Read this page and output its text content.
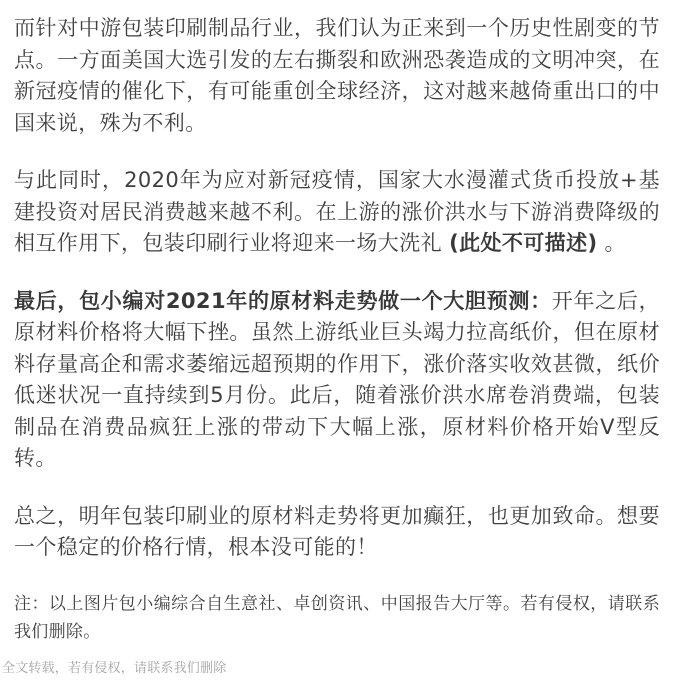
而针对中游包装印刷制品行业，我们认为正来到一个历史性剧变的节点。一方面美国大选引发的左右撕裂和欧洲恐袭造成的文明冲突，在新冠疫情的催化下，有可能重创全球经济，这对越来越倚重出口的中国来说，殊为不利。

与此同时，2020年为应对新冠疫情，国家大水漫灌式货币投放+基建投资对居民消费越来越不利。在上游的涨价洪水与下游消费降级的相互作用下，包装印刷行业将迎来一场大洗礼 (此处不可描述) 。

最后，包小编对2021年的原材料走势做一个大胆预测：开年之后，原材料价格将大幅下挫。虽然上游纸业巨头竭力拉高纸价，但在原材料存量高企和需求萎缩远超预期的作用下，涨价落实收效甚微，纸价低迷状况一直持续到5月份。此后，随着涨价洪水席卷消费端，包装制品在消费品疯狂上涨的带动下大幅上涨，原材料价格开始V型反转。

总之，明年包装印刷业的原材料走势将更加癫狂，也更加致命。想要一个稳定的价格行情，根本没可能的！

注：以上图片包小编综合自生意社、卓创资讯、中国报告大厅等。若有侵权，请联系我们删除。

全文转载，若有侵权，请联系我们删除
